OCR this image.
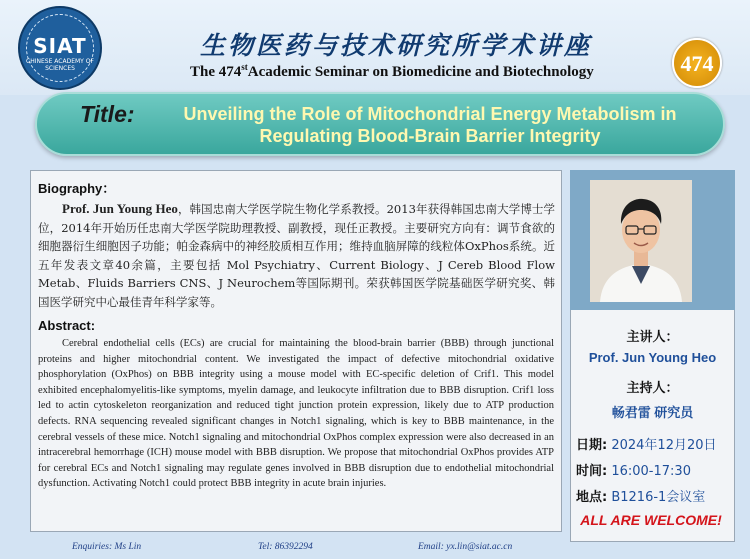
SIAT
CHINESE ACADEMY OF SCIENCES
生物医药与技术研究所学术讲座
The 474stAcademic Seminar on Biomedicine and Biotechnology	474
Title:	Unveiling the Role of Mitochondrial Energy Metabolism in
Regulating Blood-Brain Barrier Integrity
Biography：
Prof. Jun Young Heo，韩国忠南大学医学院生物化学系教授。2013年获得韩国忠南大学博士学位，2014年开始历任忠南大学医学院助理教授、副教授，现任正教授。主要研究方向有：调节食欲的细胞器衍生细胞因子功能；帕金森病中的神经胶质相互作用；维持血脑屏障的线粒体OxPhos系统。近五年发表文章40余篇，主要包括 Mol Psychiatry、Current Biology、J Cereb Blood Flow Metab、Fluids Barriers CNS、J Neurochem等国际期刊。荣获韩国医学院基础医学研究奖、韩国医学研究中心最佳青年科学家等。
Abstract:
Cerebral endothelial cells (ECs) are crucial for maintaining the blood-brain barrier (BBB) through junctional proteins and higher mitochondrial content. We investigated the impact of defective mitochondrial oxidative phosphorylation (OxPhos) on BBB integrity using a mouse model with EC-specific deletion of Crif1. This model exhibited encephalomyelitis-like symptoms, myelin damage, and leukocyte infiltration due to BBB disruption. Crif1 loss led to actin cytoskeleton reorganization and reduced tight junction protein expression, likely due to ATP production defects. RNA sequencing revealed significant changes in Notch1 signaling, which is key to BBB maintenance, in the cerebral vessels of these mice. Notch1 signaling and mitochondrial OxPhos complex expression were also decreased in an intracerebral hemorrhage (ICH) mouse model with BBB disruption. We propose that mitochondrial OxPhos provides ATP for cerebral ECs and Notch1 signaling may regulate genes involved in BBB disruption due to endothelial mitochondrial dysfunction. Activating Notch1 could protect BBB integrity in acute brain injuries.
主讲人：
Prof. Jun Young Heo
主持人：
畅君雷 研究员
日期: 2024年12月20日
时间: 16:00-17:30
地点: B1216-1会议室
ALL ARE WELCOME!
Enquiries: Ms Lin	Tel: 86392294	Email: yx.lin@siat.ac.cn
